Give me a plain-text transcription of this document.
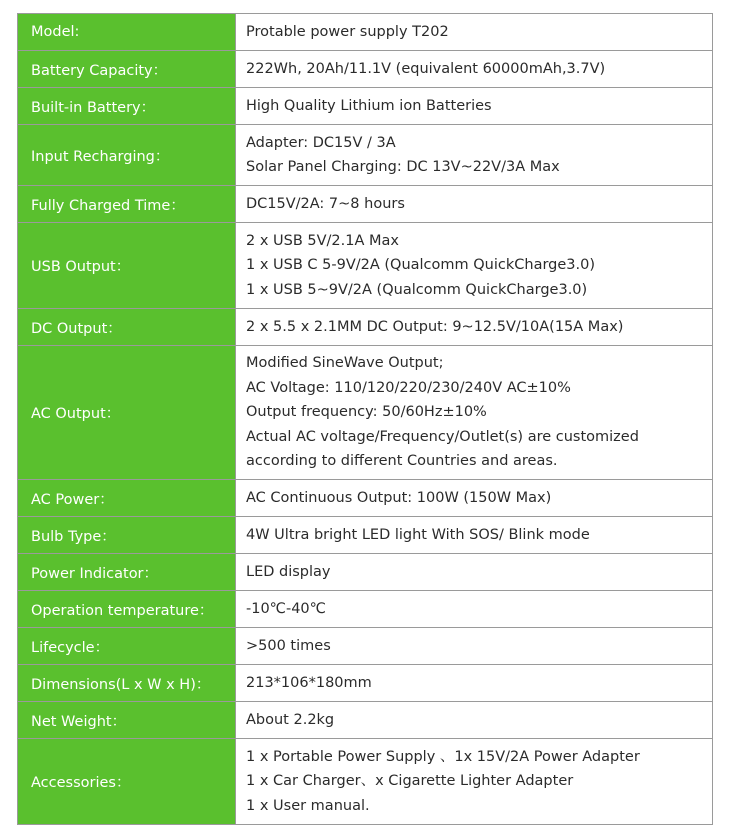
Model:	Protable power supply T202

Battery Capacity：	222Wh, 20Ah/11.1V (equivalent 60000mAh,3.7V)

Built-in Battery：	High Quality Lithium ion Batteries

Input Recharging：	Adapter: DC15V / 3A
Solar Panel Charging: DC 13V~22V/3A Max

Fully Charged Time：	DC15V/2A: 7~8 hours

USB Output：	2 x USB 5V/2.1A Max
1 x USB C 5-9V/2A (Qualcomm QuickCharge3.0)
1 x USB 5~9V/2A (Qualcomm QuickCharge3.0)

DC Output：	2 x 5.5 x 2.1MM DC Output: 9~12.5V/10A(15A Max)

AC Output：	Modified SineWave Output;
AC Voltage: 110/120/220/230/240V AC±10%
Output frequency: 50/60Hz±10%
Actual AC voltage/Frequency/Outlet(s) are customized
according to different Countries and areas.

AC Power：	AC Continuous Output: 100W (150W Max)

Bulb Type：	4W Ultra bright LED light With SOS/ Blink mode

Power Indicator：	LED display

Operation temperature：	-10℃-40℃

Lifecycle：	>500 times

Dimensions(L x W x H)：	213*106*180mm

Net Weight：	About 2.2kg

Accessories：	1 x Portable Power Supply 、1x 15V/2A Power Adapter
1 x Car Charger、x Cigarette Lighter Adapter
1 x User manual.
